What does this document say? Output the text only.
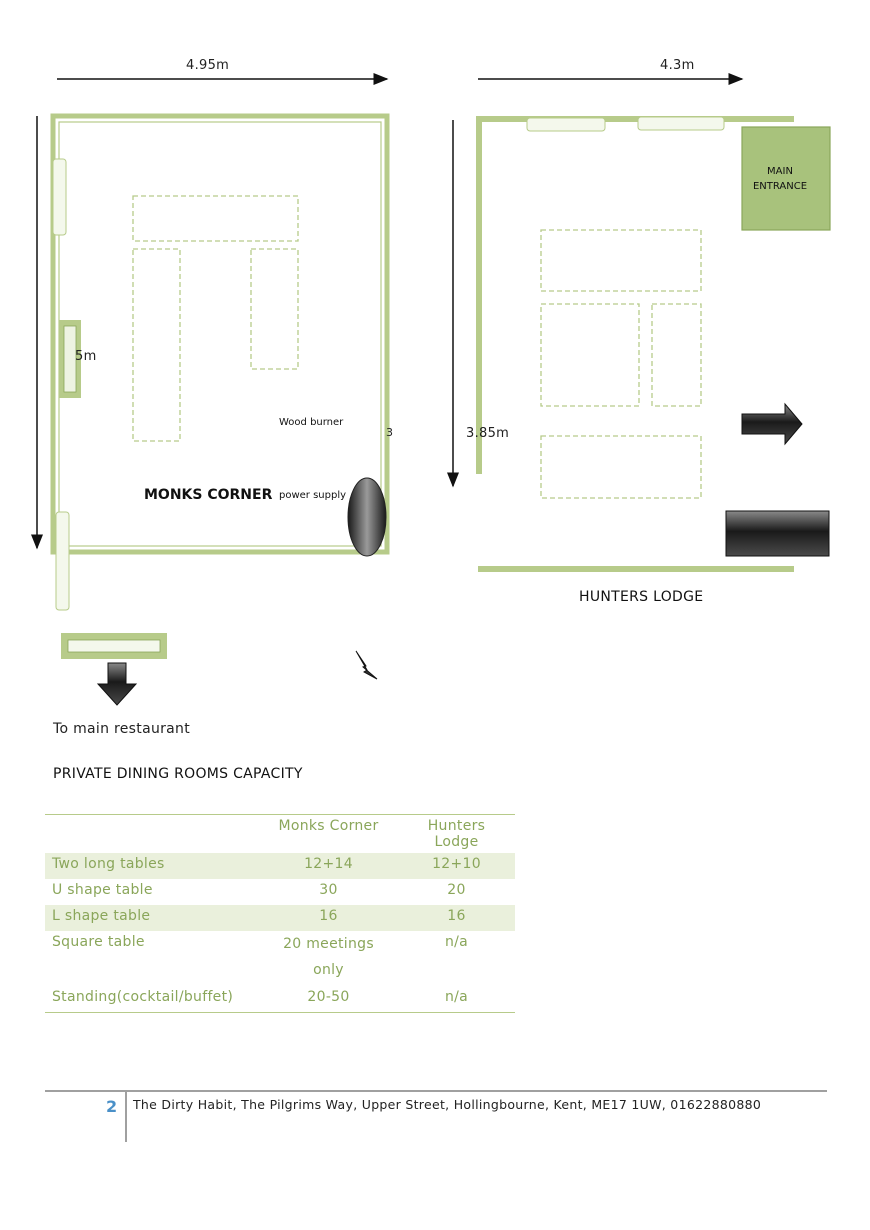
4.95m
5m
3
Wood burner
MONKS CORNER power supply
4.3m
3.85m
MAIN ENTRANCE
HUNTERS LODGE
To main restaurant
PRIVATE DINING ROOMS CAPACITY
	Monks Corner	Hunters Lodge
Two long tables	12+14	12+10
U shape table	30	20
L shape table	16	16
Square table	20 meetings only	n/a
Standing(cocktail/buffet)	20-50	n/a
2 The Dirty Habit, The Pilgrims Way, Upper Street, Hollingbourne, Kent, ME17 1UW, 01622880880
